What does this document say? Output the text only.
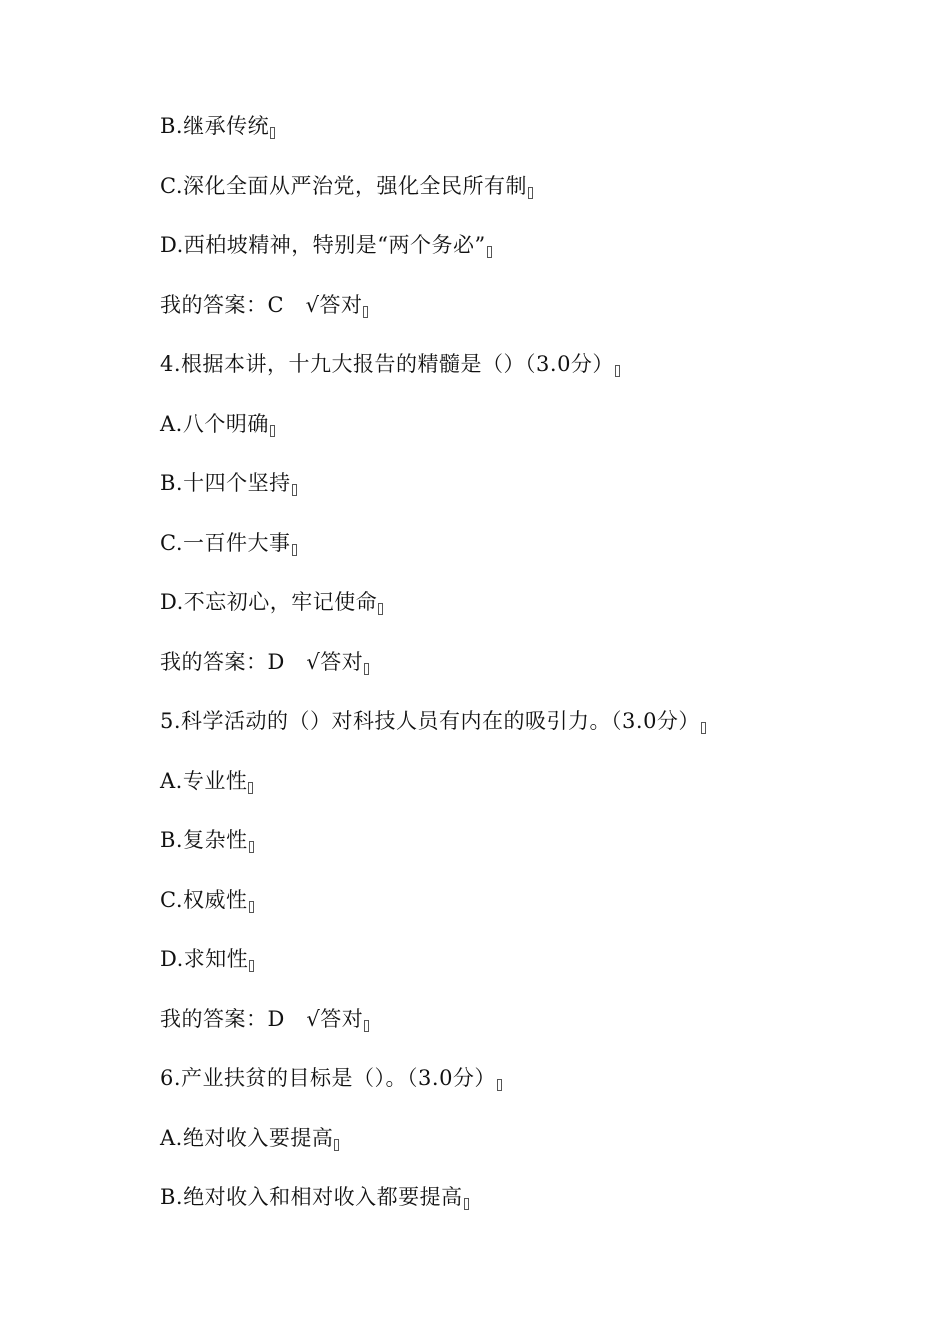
B.继承传统
C.深化全面从严治党，强化全民所有制
D.西柏坡精神，特别是“两个务必”
我的答案：C   √答对
4.根据本讲，十九大报告的精髓是（）（3.0分）
A.八个明确
B.十四个坚持
C.一百件大事
D.不忘初心，牢记使命
我的答案：D   √答对
5.科学活动的（）对科技人员有内在的吸引力。（3.0分）
A.专业性
B.复杂性
C.权威性
D.求知性
我的答案：D   √答对
6.产业扶贫的目标是（）。（3.0分）
A.绝对收入要提高
B.绝对收入和相对收入都要提高
